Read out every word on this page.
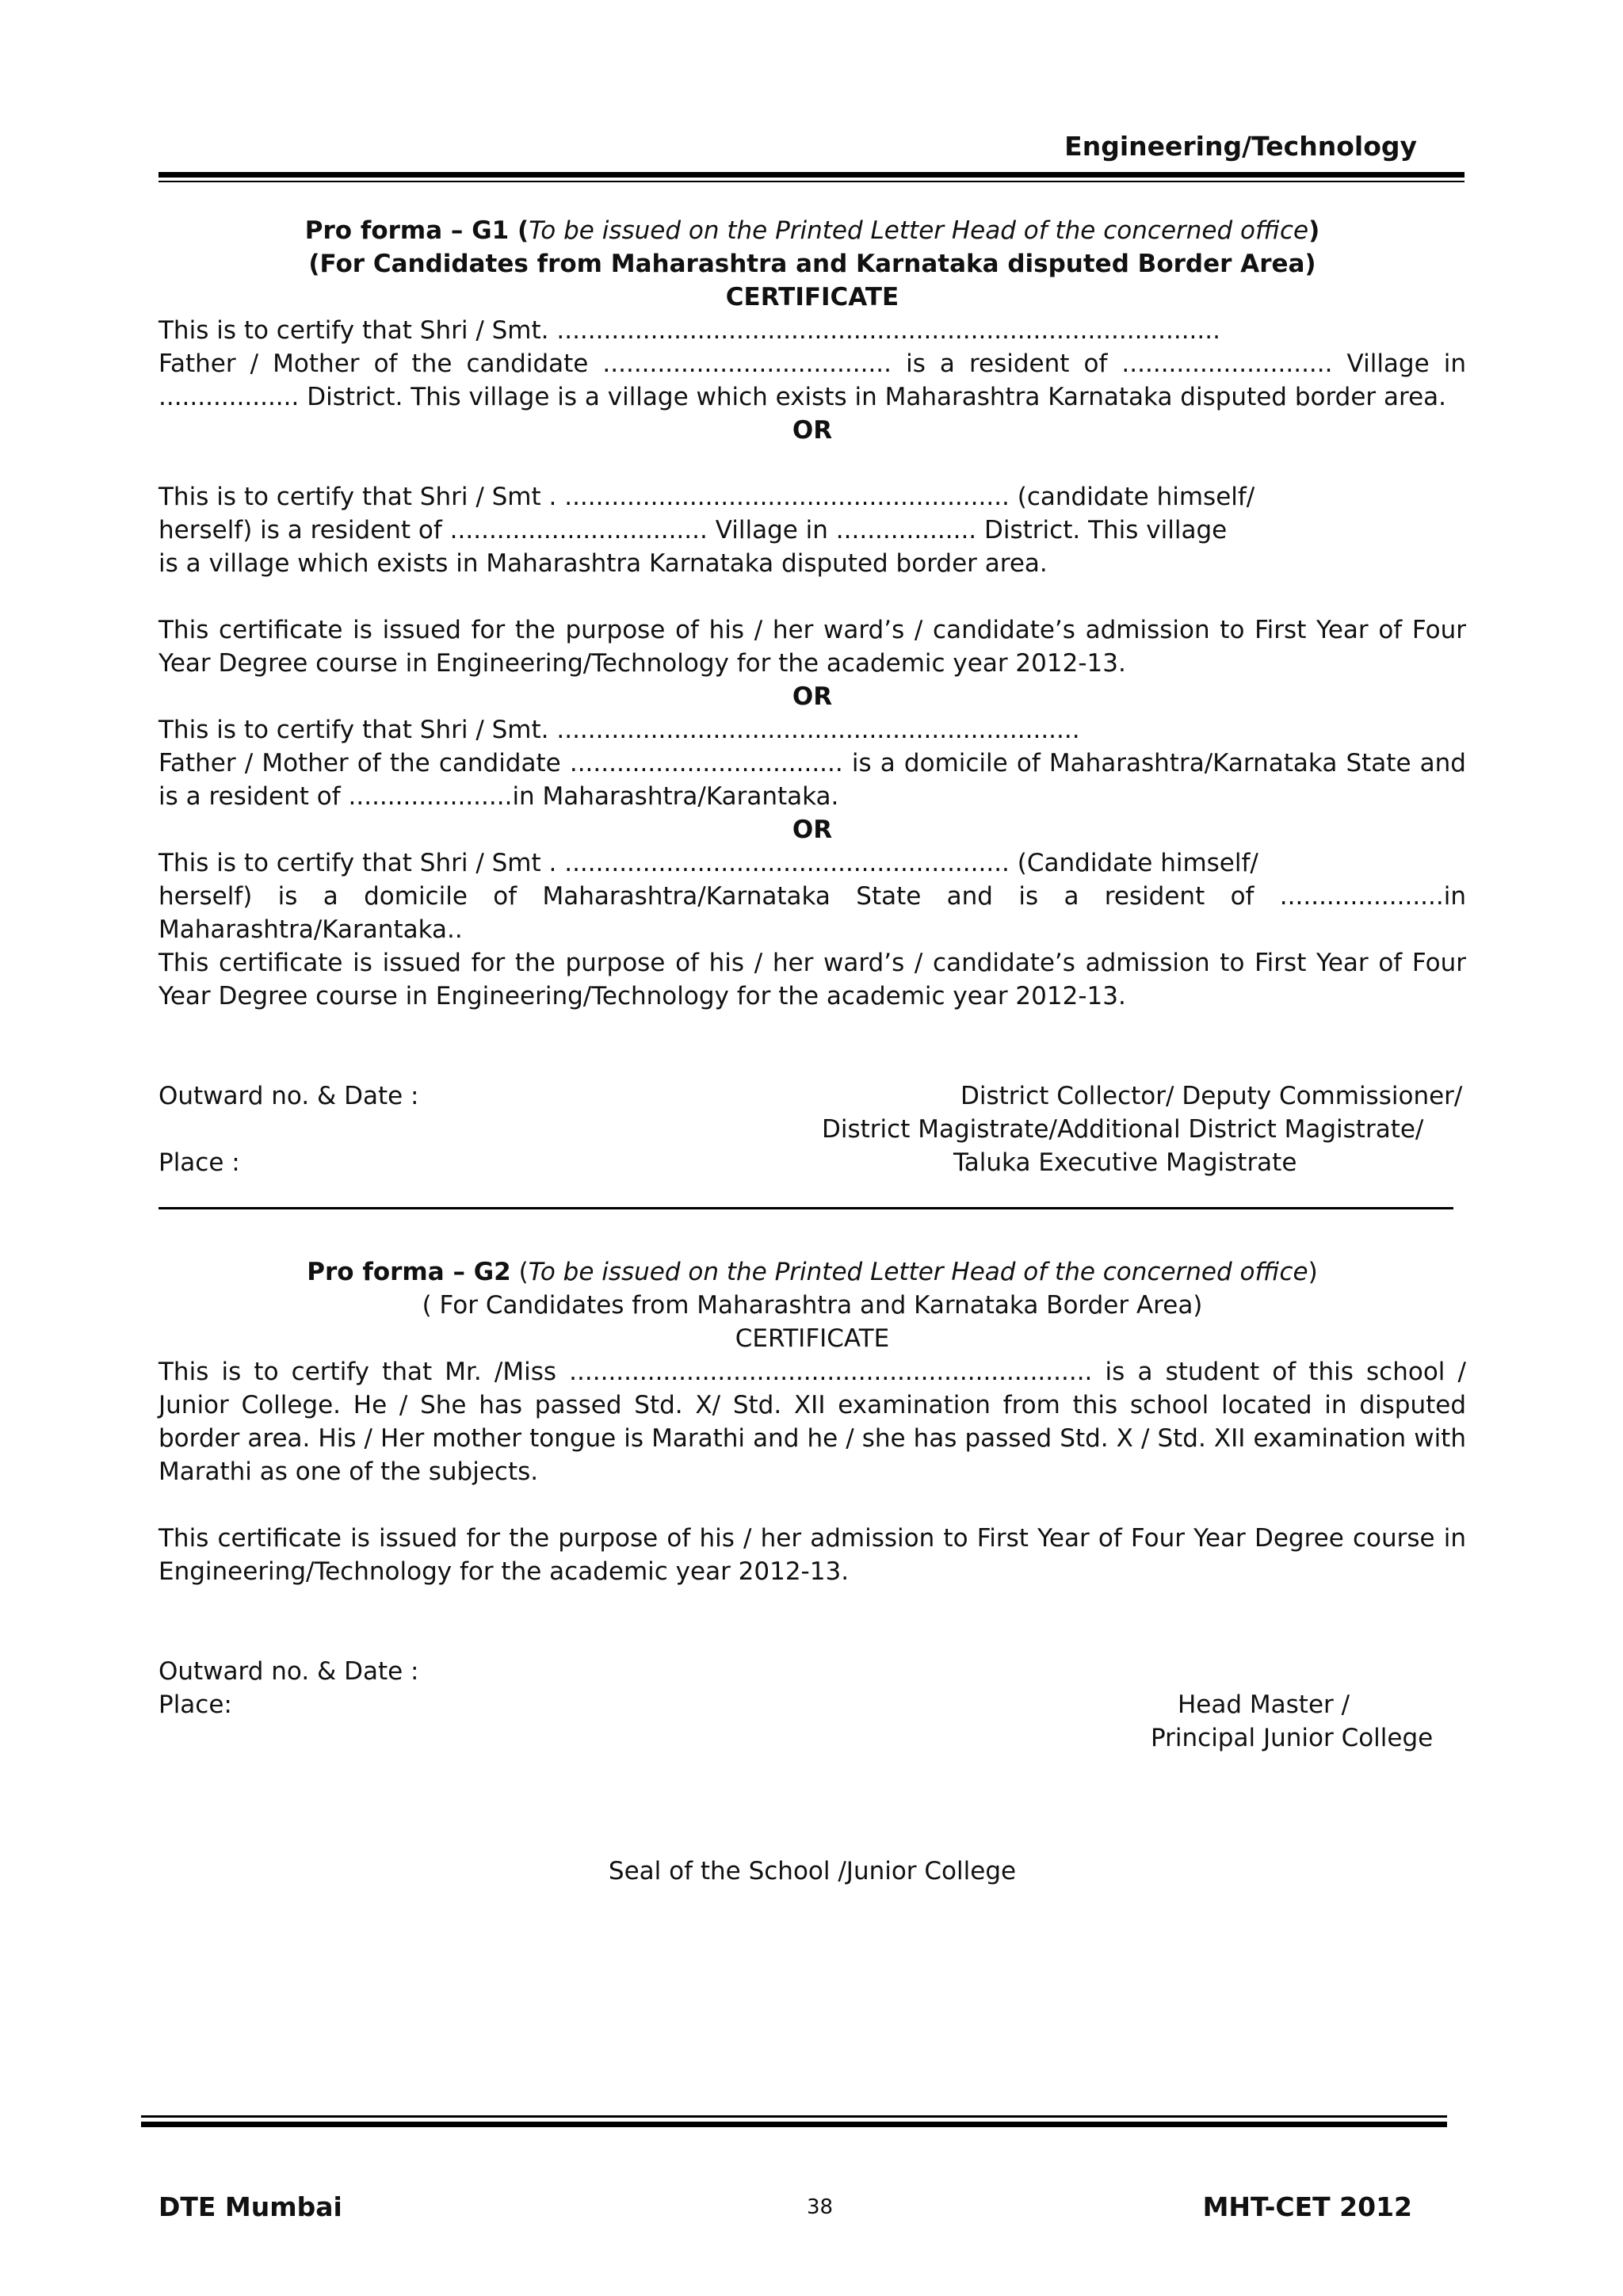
Engineering/Technology
Pro forma – G1 (To be issued on the Printed Letter Head of the concerned office)
(For Candidates from Maharashtra and Karnataka disputed Border Area)
CERTIFICATE

This is to certify that Shri / Smt. .....................................................................................

Father / Mother of the candidate ..................................... is a resident of ........................... Village in .................. District. This village is a village which exists in Maharashtra Karnataka disputed border area.

OR

This is to certify that Shri / Smt . ......................................................... (candidate himself/

herself) is a resident of ................................. Village in .................. District. This village

is a village which exists in Maharashtra Karnataka disputed border area.

This certificate is issued for the purpose of his / her ward’s / candidate’s admission to First Year of Four Year Degree course in Engineering/Technology for the academic year 2012-13.
OR

This is to certify that Shri / Smt. ...................................................................

Father / Mother of the candidate ................................... is a domicile of Maharashtra/Karnataka State and is a resident of .....................in Maharashtra/Karantaka.

OR

This is to certify that Shri / Smt . ......................................................... (Candidate himself/

herself) is a domicile of Maharashtra/Karnataka State and is a resident of .....................in Maharashtra/Karantaka..

This certificate is issued for the purpose of his / her ward’s / candidate’s admission to First Year of Four Year Degree course in Engineering/Technology for the academic year 2012-13.
Outward no. & Date :
Place :
District Collector/ Deputy Commissioner/
District Magistrate/Additional District Magistrate/
Taluka Executive Magistrate
Pro forma – G2 (To be issued on the Printed Letter Head of the concerned office)
( For Candidates from Maharashtra and Karnataka Border Area)
CERTIFICATE
This is to certify that Mr. /Miss ................................................................... is a student of this school / Junior College. He / She has passed Std. X/ Std. XII examination from this school located in disputed border area. His / Her mother tongue is Marathi and he / she has passed Std. X / Std. XII examination with Marathi as one of the subjects.
This certificate is issued for the purpose of his / her admission to First Year of Four Year Degree course in Engineering/Technology for the academic year 2012-13.
Outward no. & Date :
Place:	Head Master /
Principal Junior College
Seal of the School /Junior College
DTE Mumbai	38	MHT-CET 2012
